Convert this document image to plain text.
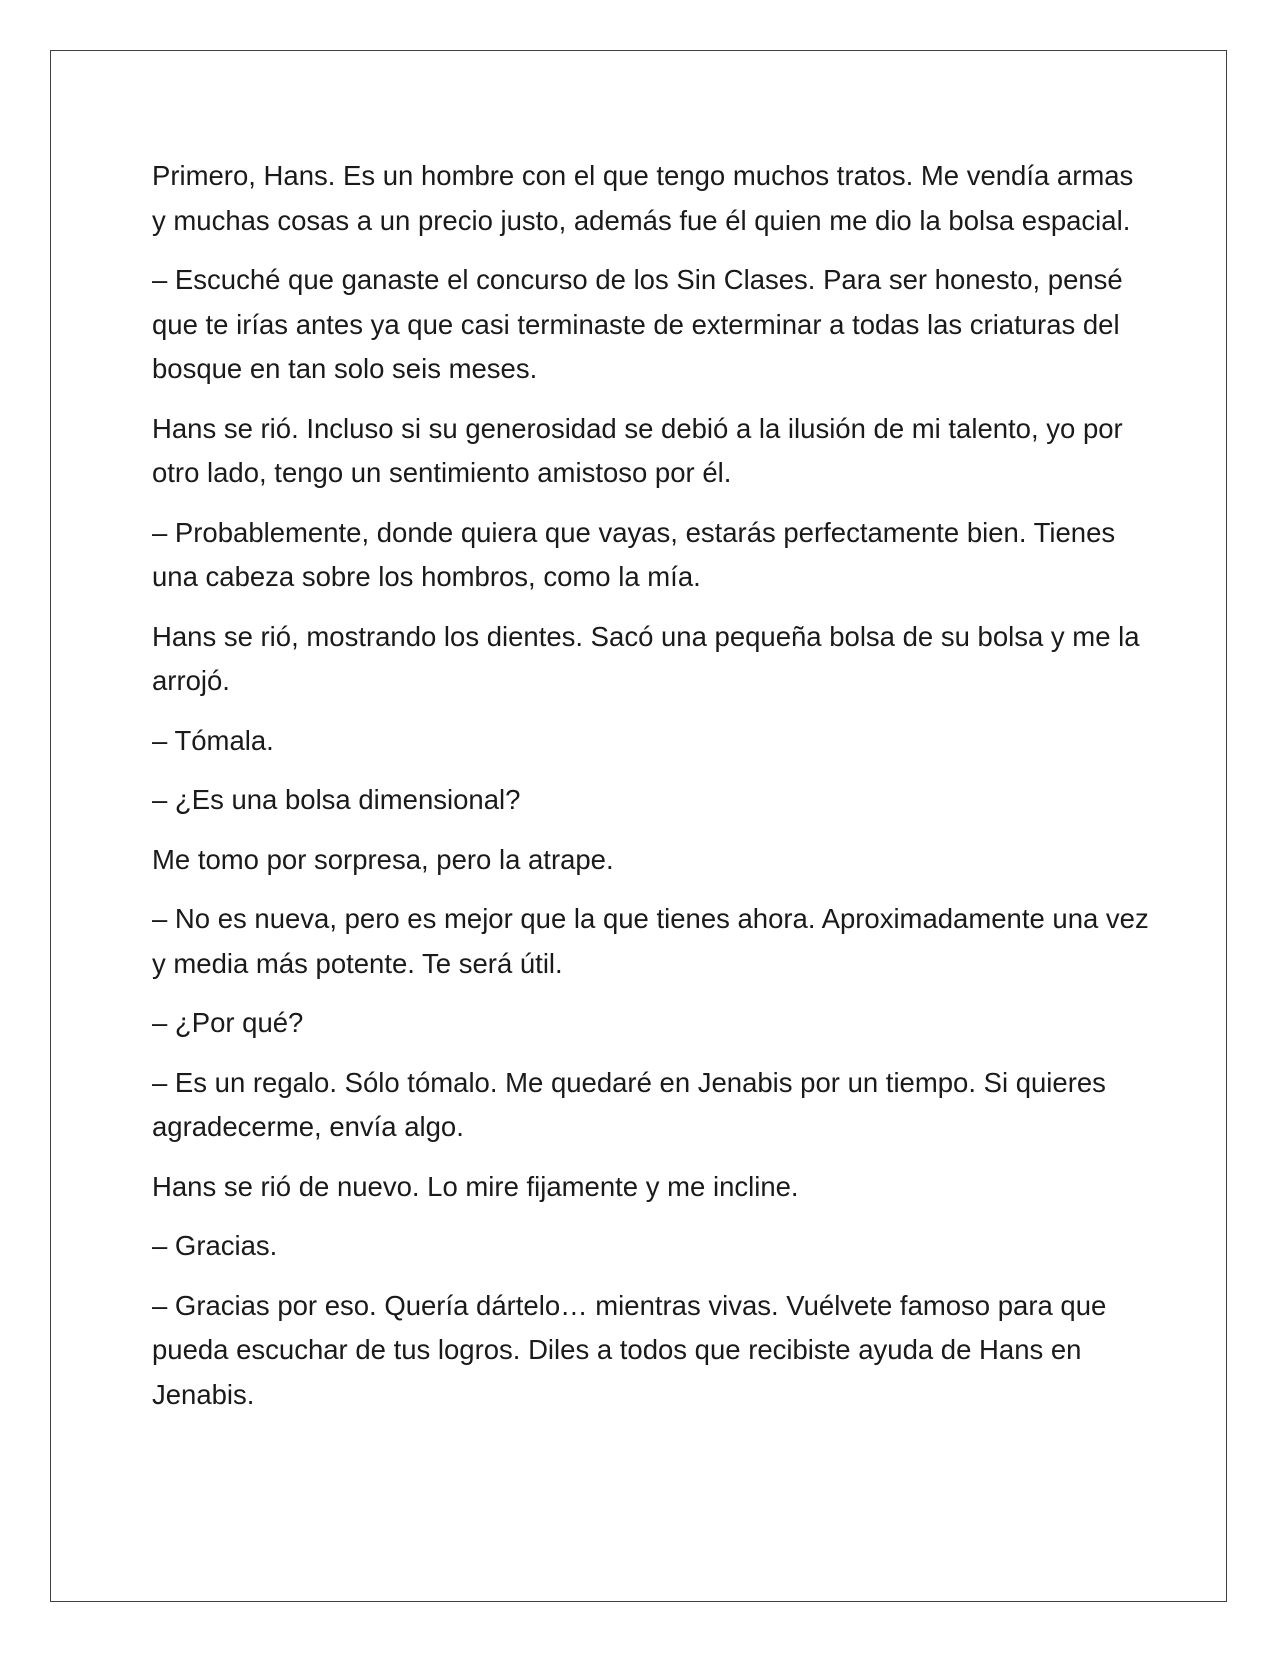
Primero, Hans. Es un hombre con el que tengo muchos tratos. Me vendía armas y muchas cosas a un precio justo, además fue él quien me dio la bolsa espacial.

– Escuché que ganaste el concurso de los Sin Clases. Para ser honesto, pensé que te irías antes ya que casi terminaste de exterminar a todas las criaturas del bosque en tan solo seis meses.

Hans se rió. Incluso si su generosidad se debió a la ilusión de mi talento, yo por otro lado, tengo un sentimiento amistoso por él.

– Probablemente, donde quiera que vayas, estarás perfectamente bien. Tienes una cabeza sobre los hombros, como la mía.

Hans se rió, mostrando los dientes. Sacó una pequeña bolsa de su bolsa y me la arrojó.

– Tómala.

– ¿Es una bolsa dimensional?

Me tomo por sorpresa, pero la atrape.

– No es nueva, pero es mejor que la que tienes ahora. Aproximadamente una vez y media más potente. Te será útil.

– ¿Por qué?

– Es un regalo. Sólo tómalo. Me quedaré en Jenabis por un tiempo. Si quieres agradecerme, envía algo.

Hans se rió de nuevo. Lo mire fijamente y me incline.

– Gracias.

– Gracias por eso. Quería dártelo… mientras vivas. Vuélvete famoso para que pueda escuchar de tus logros. Diles a todos que recibiste ayuda de Hans en Jenabis.
